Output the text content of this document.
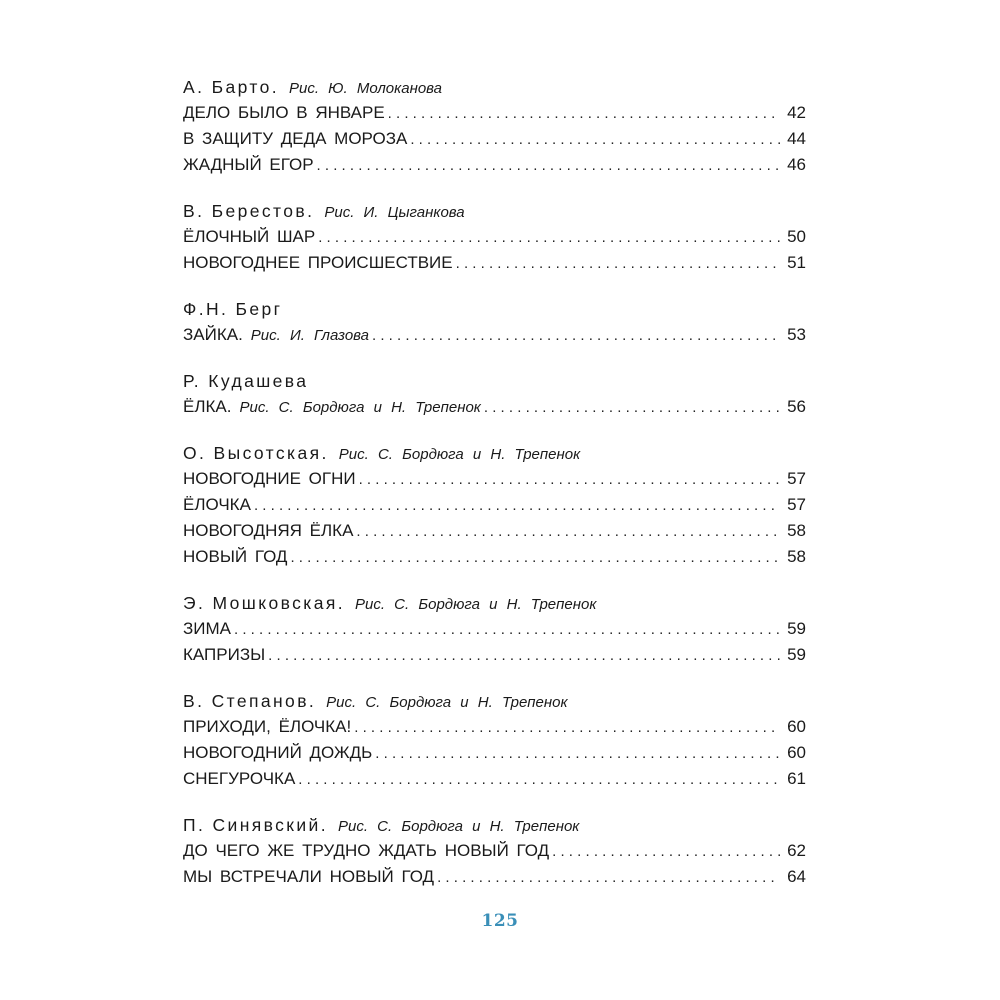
А. Барто. Рис. Ю. Молоканова
ДЕЛО БЫЛО В ЯНВАРЕ . . .	42
В ЗАЩИТУ ДЕДА МОРОЗА . . .	44
ЖАДНЫЙ ЕГОР . . .	46
В. Берестов. Рис. И. Цыганкова
ЁЛОЧНЫЙ ШАР . . .	50
НОВОГОДНЕЕ ПРОИСШЕСТВИЕ . . .	51
Ф.Н. Берг
ЗАЙКА. Рис. И. Глазова . . .	53
Р. Кудашева
ЁЛКА. Рис. С. Бордюга и Н. Трепенок . . .	56
О. Высотская. Рис. С. Бордюга и Н. Трепенок
НОВОГОДНИЕ ОГНИ . . .	57
ЁЛОЧКА . . .	57
НОВОГОДНЯЯ ЁЛКА . . .	58
НОВЫЙ ГОД . . .	58
Э. Мошковская. Рис. С. Бордюга и Н. Трепенок
ЗИМА . . .	59
КАПРИЗЫ . . .	59
В. Степанов. Рис. С. Бордюга и Н. Трепенок
ПРИХОДИ, ЁЛОЧКА! . . .	60
НОВОГОДНИЙ ДОЖДЬ . . .	60
СНЕГУРОЧКА . . .	61
П. Синявский. Рис. С. Бордюга и Н. Трепенок
ДО ЧЕГО ЖЕ ТРУДНО ЖДАТЬ НОВЫЙ ГОД . . .	62
МЫ ВСТРЕЧАЛИ НОВЫЙ ГОД . . .	64
125
